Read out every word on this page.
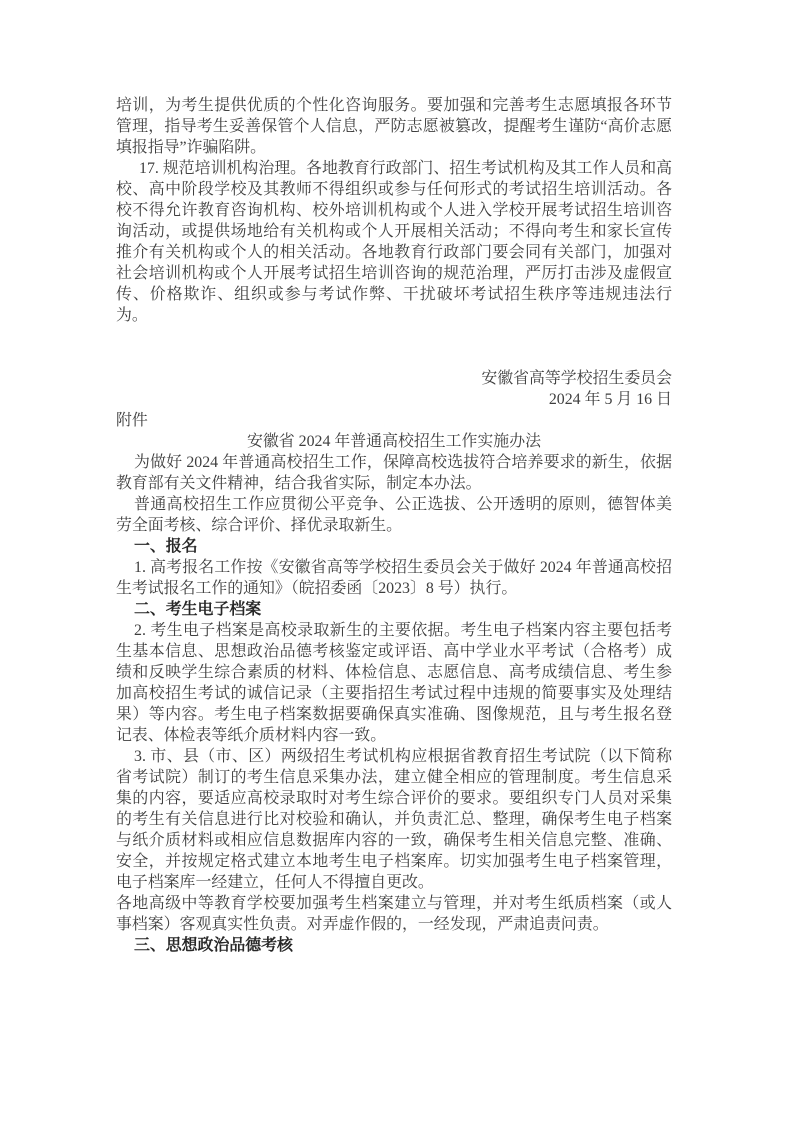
培训，为考生提供优质的个性化咨询服务。要加强和完善考生志愿填报各环节管理，指导考生妥善保管个人信息，严防志愿被篡改，提醒考生谨防“高价志愿填报指导”诈骗陷阱。

17. 规范培训机构治理。各地教育行政部门、招生考试机构及其工作人员和高校、高中阶段学校及其教师不得组织或参与任何形式的考试招生培训活动。各校不得允许教育咨询机构、校外培训机构或个人进入学校开展考试招生培训咨询活动，或提供场地给有关机构或个人开展相关活动；不得向考生和家长宣传推介有关机构或个人的相关活动。各地教育行政部门要会同有关部门，加强对社会培训机构或个人开展考试招生培训咨询的规范治理，严厉打击涉及虚假宣传、价格欺诈、组织或参与考试作弊、干扰破坏考试招生秩序等违规违法行为。

安徽省高等学校招生委员会

2024 年 5 月 16 日

附件

安徽省 2024 年普通高校招生工作实施办法

为做好 2024 年普通高校招生工作，保障高校选拔符合培养要求的新生，依据教育部有关文件精神，结合我省实际，制定本办法。

普通高校招生工作应贯彻公平竞争、公正选拔、公开透明的原则，德智体美劳全面考核、综合评价、择优录取新生。

一、报名

1. 高考报名工作按《安徽省高等学校招生委员会关于做好 2024 年普通高校招生考试报名工作的通知》（皖招委函〔2023〕8 号）执行。

二、考生电子档案

2. 考生电子档案是高校录取新生的主要依据。考生电子档案内容主要包括考生基本信息、思想政治品德考核鉴定或评语、高中学业水平考试（合格考）成绩和反映学生综合素质的材料、体检信息、志愿信息、高考成绩信息、考生参加高校招生考试的诚信记录（主要指招生考试过程中违规的简要事实及处理结果）等内容。考生电子档案数据要确保真实准确、图像规范，且与考生报名登记表、体检表等纸介质材料内容一致。

3. 市、县（市、区）两级招生考试机构应根据省教育招生考试院（以下简称省考试院）制订的考生信息采集办法，建立健全相应的管理制度。考生信息采集的内容，要适应高校录取时对考生综合评价的要求。要组织专门人员对采集的考生有关信息进行比对校验和确认，并负责汇总、整理，确保考生电子档案与纸介质材料或相应信息数据库内容的一致，确保考生相关信息完整、准确、安全，并按规定格式建立本地考生电子档案库。切实加强考生电子档案管理，电子档案库一经建立，任何人不得擅自更改。

各地高级中等教育学校要加强考生档案建立与管理，并对考生纸质档案（或人事档案）客观真实性负责。对弄虚作假的，一经发现，严肃追责问责。

三、思想政治品德考核
